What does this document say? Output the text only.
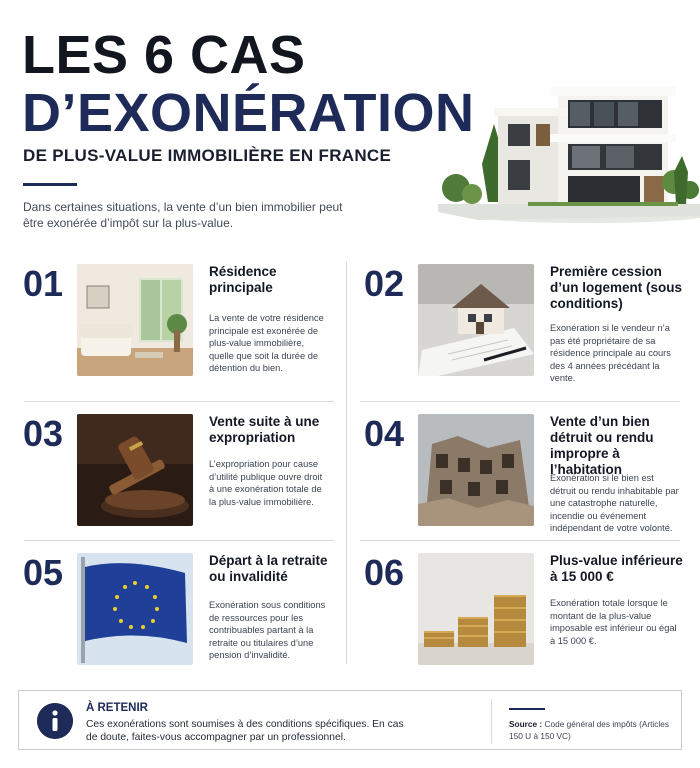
LES 6 CAS
D’EXONÉRATION
DE PLUS-VALUE IMMOBILIÈRE EN FRANCE
Dans certaines situations, la vente d’un bien immobilier peut être exonérée d’impôt sur la plus-value.
01	Résidence principale
La vente de votre résidence principale est exonérée de plus-value immobilière, quelle que soit la durée de détention du bien.
02	Première cession d’un logement (sous conditions)
Exonération si le vendeur n’a pas été propriétaire de sa résidence principale au cours des 4 années précédant la vente.
03	Vente suite à une expropriation
L’expropriation pour cause d’utilité publique ouvre droit à une exonération totale de la plus-value immobilière.
04	Vente d’un bien détruit ou rendu impropre à l’habitation
Exonération si le bien est détruit ou rendu inhabitable par une catastrophe naturelle, incendie ou événement indépendant de votre volonté.
05	Départ à la retraite ou invalidité
Exonération sous conditions de ressources pour les contribuables partant à la retraite ou titulaires d’une pension d’invalidité.
06	Plus-value inférieure à 15 000 €
Exonération totale lorsque le montant de la plus-value imposable est inférieur ou égal à 15 000 €.
À RETENIR
Ces exonérations sont soumises à des conditions spécifiques. En cas de doute, faites-vous accompagner par un professionnel.
Source : Code général des impôts (Articles 150 U à 150 VC)
